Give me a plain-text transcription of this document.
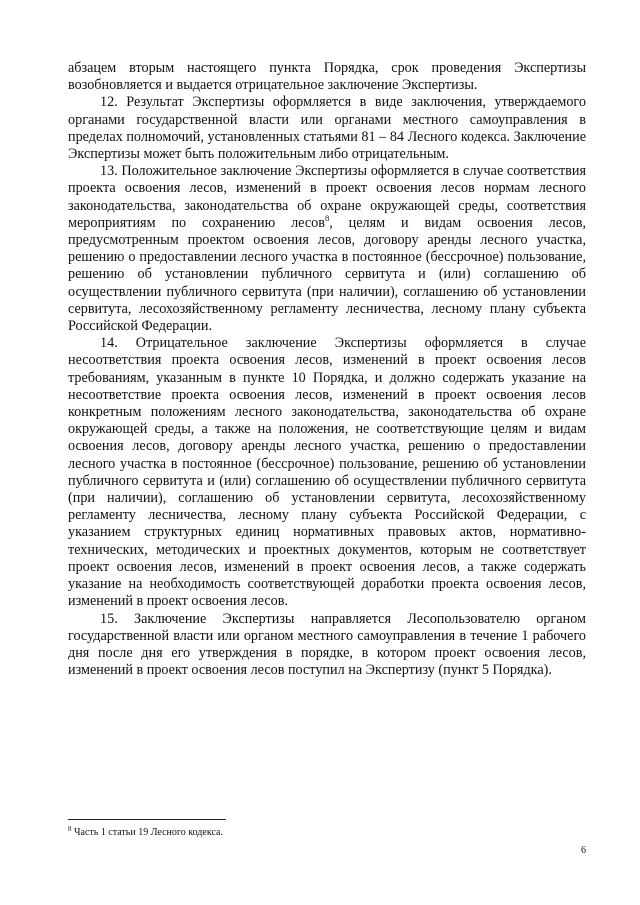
абзацем вторым настоящего пункта Порядка, срок проведения Экспертизы возобновляется и выдается отрицательное заключение Экспертизы.

12. Результат Экспертизы оформляется в виде заключения, утверждаемого органами государственной власти или органами местного самоуправления в пределах полномочий, установленных статьями 81 – 84 Лесного кодекса. Заключение Экспертизы может быть положительным либо отрицательным.

13. Положительное заключение Экспертизы оформляется в случае соответствия проекта освоения лесов, изменений в проект освоения лесов нормам лесного законодательства, законодательства об охране окружающей среды, соответствия мероприятиям по сохранению лесов$^8$, целям и видам освоения лесов, предусмотренным проектом освоения лесов, договору аренды лесного участка, решению о предоставлении лесного участка в постоянное (бессрочное) пользование, решению об установлении публичного сервитута и (или) соглашению об осуществлении публичного сервитута (при наличии), соглашению об установлении сервитута, лесохозяйственному регламенту лесничества, лесному плану субъекта Российской Федерации.

14. Отрицательное заключение Экспертизы оформляется в случае несоответствия проекта освоения лесов, изменений в проект освоения лесов требованиям, указанным в пункте 10 Порядка, и должно содержать указание на несоответствие проекта освоения лесов, изменений в проект освоения лесов конкретным положениям лесного законодательства, законодательства об охране окружающей среды, а также на положения, не соответствующие целям и видам освоения лесов, договору аренды лесного участка, решению о предоставлении лесного участка в постоянное (бессрочное) пользование, решению об установлении публичного сервитута и (или) соглашению об осуществлении публичного сервитута (при наличии), соглашению об установлении сервитута, лесохозяйственному регламенту лесничества, лесному плану субъекта Российской Федерации, с указанием структурных единиц нормативных правовых актов, нормативно-технических, методических и проектных документов, которым не соответствует проект освоения лесов, изменений в проект освоения лесов, а также содержать указание на необходимость соответствующей доработки проекта освоения лесов, изменений в проект освоения лесов.

15. Заключение Экспертизы направляется Лесопользователю органом государственной власти или органом местного самоуправления в течение 1 рабочего дня после дня его утверждения в порядке, в котором проект освоения лесов, изменений в проект освоения лесов поступил на Экспертизу (пункт 5 Порядка).

$^8$ Часть 1 статьи 19 Лесного кодекса.
6
